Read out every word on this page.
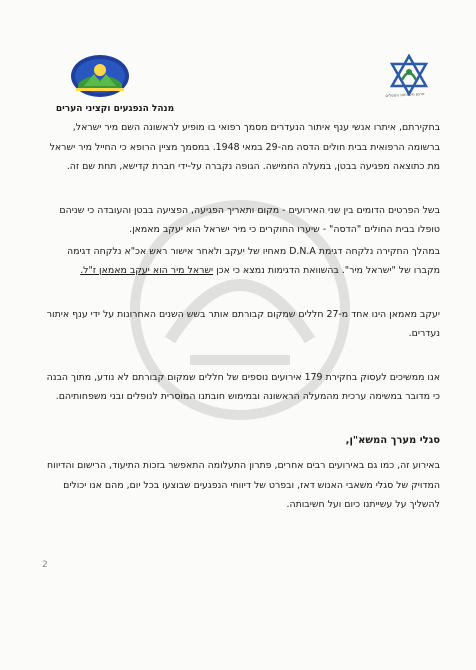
מנהל הנפגעים וקציני הערים
ארגון משפחות הנופלים

בחקירתם, איתרו אנשי ענף איתור הנעדרים מסמך רפואי בו מופיע לראשונה השם מיר ישראל, ברשומה הרפואית בבית חולים הדסה מה-29 במאי 1948. במסמך מציין הרופא כי החייל מיר ישראל מת כתוצאה מפגיעה בבטן, במעלה החמישה. הגופה נקברה על-ידי חברת קדישא, תחת שם זה.

בשל הפרטים הדומים בין שני האירועים - מקום ותאריך הפגיעה, הפציעה בבטן והעובדה כי שניהם טופלו בבית החולים "הדסה" - שיערו החוקרים כי מיר ישראל הוא יעקב מאמאן.

במהלך החקירה נלקחה דגימת D.N.A מאחיו של יעקב ולאחר אישור ראש אכ"א נלקחה דגימה מקברו של "ישראל מיר". בהשוואת הדגימות נמצא כי אכן ישראל מיר הוא יעקב מאמאן ז"ל.

יעקב מאמאן הינו אחד מ-27 חללים שמקום קבורתם אותר בשש השנים האחרונות על ידי ענף איתור נעדרים.

אנו ממשיכים לעסוק בחקירת 179 אירועים נוספים של חללים שמקום קבורתם לא נודע, מתוך הבנה כי מדובר במשימה ערכית מהמעלה הראשונה ובמימוש חובתנו המוסרית לנופלים ובני משפחותיהם.

סגלי מערך המשא"ן,

באירוע זה, כמו גם באירועים רבים אחרים, פתרון התעלומה התאפשר בזכות התיעוד, הרישום והדיווח המדויק של סגלי משאבי האנוש דאז, ובפרט של דיווחי הנפגעים שבוצעו בכל יום, מהם אנו יכולים להשליך על עשייתנו כיום ועל חשיבותה.

2
